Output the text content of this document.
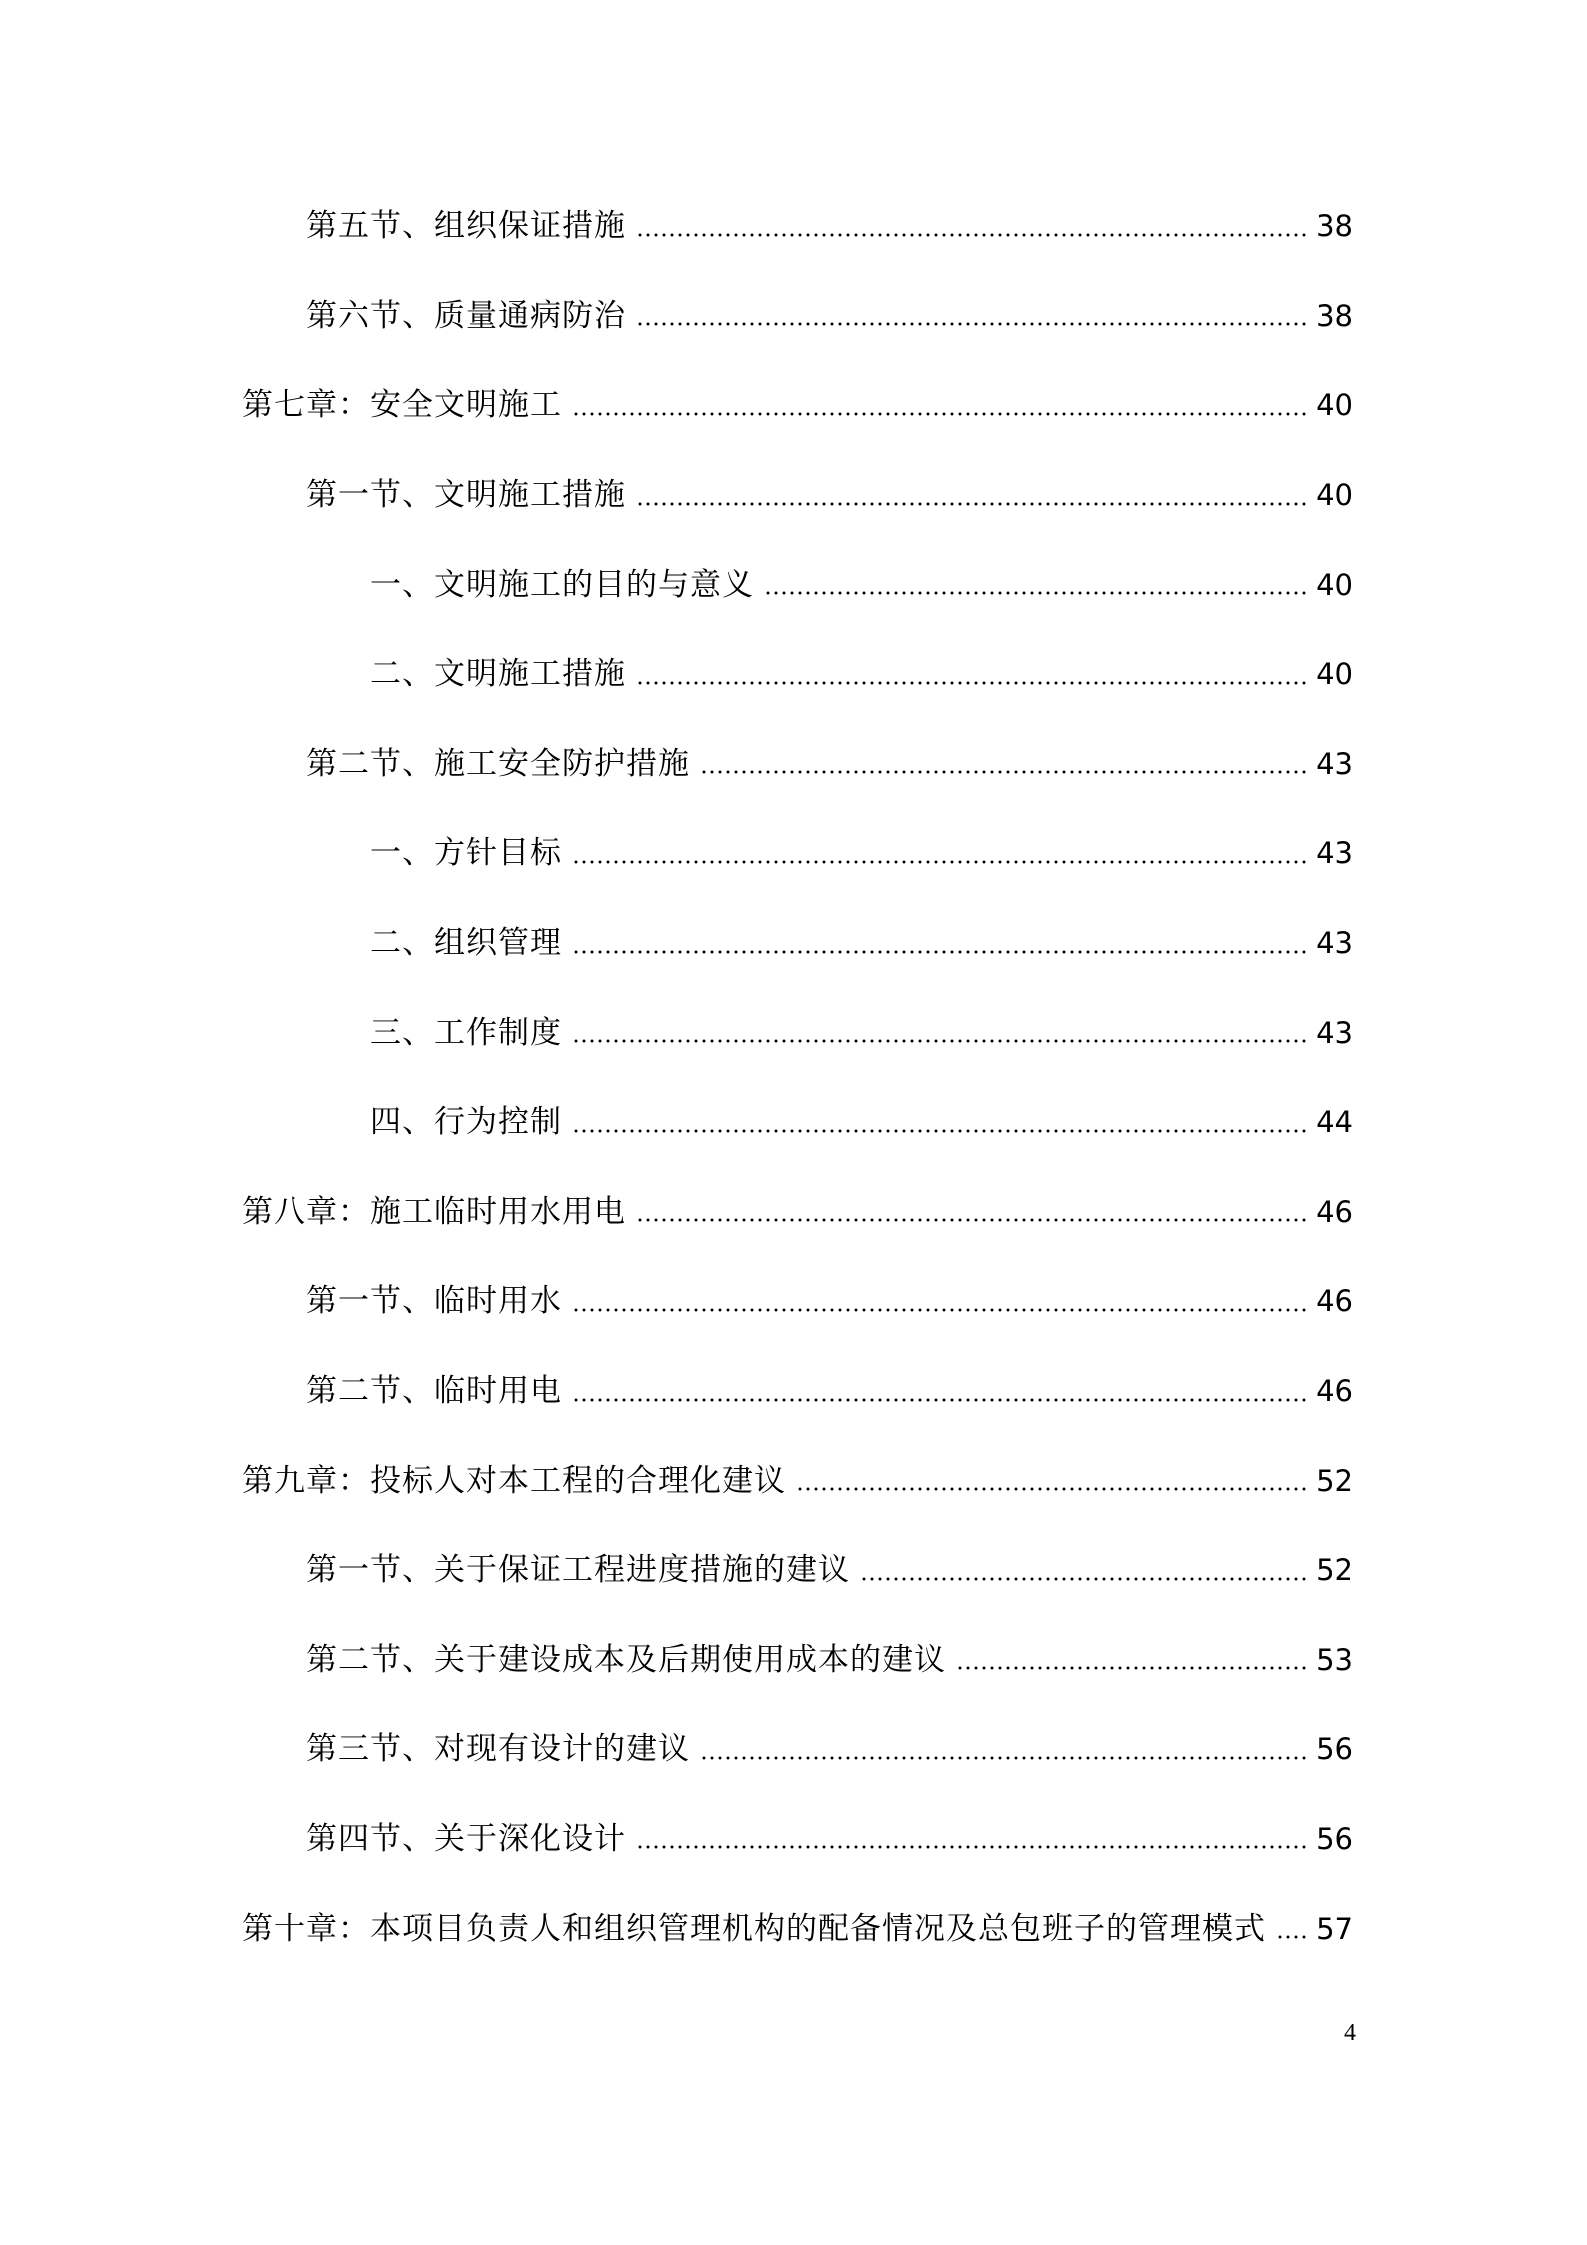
第五节、组织保证措施	38
第六节、质量通病防治	38
第七章：安全文明施工	40
第一节、文明施工措施	40
一、文明施工的目的与意义	40
二、文明施工措施	40
第二节、施工安全防护措施	43
一、方针目标	43
二、组织管理	43
三、工作制度	43
四、行为控制	44
第八章：施工临时用水用电	46
第一节、临时用水	46
第二节、临时用电	46
第九章：投标人对本工程的合理化建议	52
第一节、关于保证工程进度措施的建议	52
第二节、关于建设成本及后期使用成本的建议	53
第三节、对现有设计的建议	56
第四节、关于深化设计	56
第十章：本项目负责人和组织管理机构的配备情况及总包班子的管理模式 57
4
